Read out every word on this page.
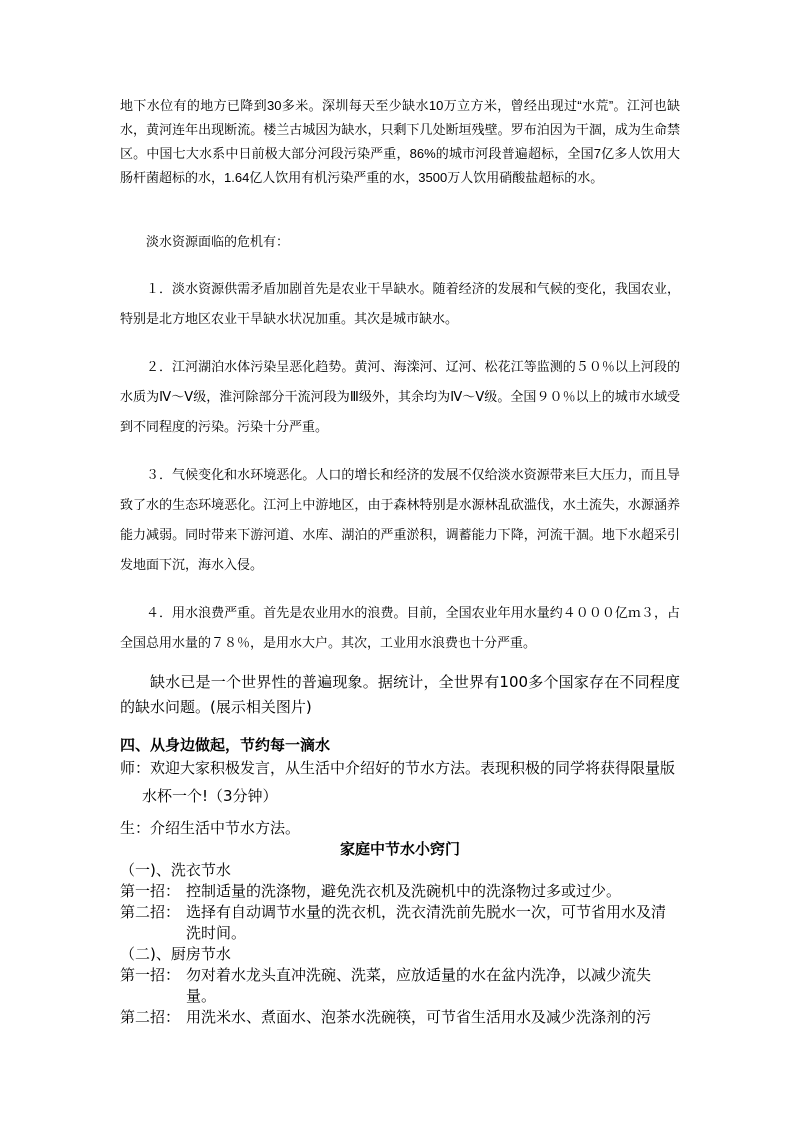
地下水位有的地方已降到30多米。深圳每天至少缺水10万立方米，曾经出现过“水荒”。江河也缺水，黄河连年出现断流。楼兰古城因为缺水，只剩下几处断垣残壁。罗布泊因为干涸，成为生命禁区。中国七大水系中日前极大部分河段污染严重，86%的城市河段普遍超标，全国7亿多人饮用大肠杆菌超标的水，1.64亿人饮用有机污染严重的水，3500万人饮用硝酸盐超标的水。
淡水资源面临的危机有：
１．淡水资源供需矛盾加剧首先是农业干旱缺水。随着经济的发展和气候的变化，我国农业，特别是北方地区农业干旱缺水状况加重。其次是城市缺水。
２．江河湖泊水体污染呈恶化趋势。黄河、海滦河、辽河、松花江等监测的５０％以上河段的水质为Ⅳ～Ⅴ级，淮河除部分干流河段为Ⅲ级外，其余均为Ⅳ～Ⅴ级。全国９０％以上的城市水域受到不同程度的污染。污染十分严重。
３．气候变化和水环境恶化。人口的增长和经济的发展不仅给淡水资源带来巨大压力，而且导致了水的生态环境恶化。江河上中游地区，由于森林特别是水源林乱砍滥伐，水土流失，水源涵养能力减弱。同时带来下游河道、水库、湖泊的严重淤积，调蓄能力下降，河流干涸。地下水超采引发地面下沉，海水入侵。
４．用水浪费严重。首先是农业用水的浪费。目前，全国农业年用水量约４０００亿ｍ３，占全国总用水量的７８％，是用水大户。其次，工业用水浪费也十分严重。
缺水已是一个世界性的普遍现象。据统计，全世界有100多个国家存在不同程度的缺水问题。(展示相关图片)
四、从身边做起，节约每一滴水
师：欢迎大家积极发言，从生活中介绍好的节水方法。表现积极的同学将获得限量版水杯一个!（3分钟）
生：介绍生活中节水方法。
家庭中节水小窍门
（一)、洗衣节水
第一招： 控制适量的洗涤物，避免洗衣机及洗碗机中的洗涤物过多或过少。
第二招： 选择有自动调节水量的洗衣机，洗衣清洗前先脱水一次，可节省用水及清洗时间。
（二)、厨房节水
第一招： 勿对着水龙头直冲洗碗、洗菜，应放适量的水在盆内洗净，以减少流失量。
第二招： 用洗米水、煮面水、泡茶水洗碗筷，可节省生活用水及减少洗涤剂的污
